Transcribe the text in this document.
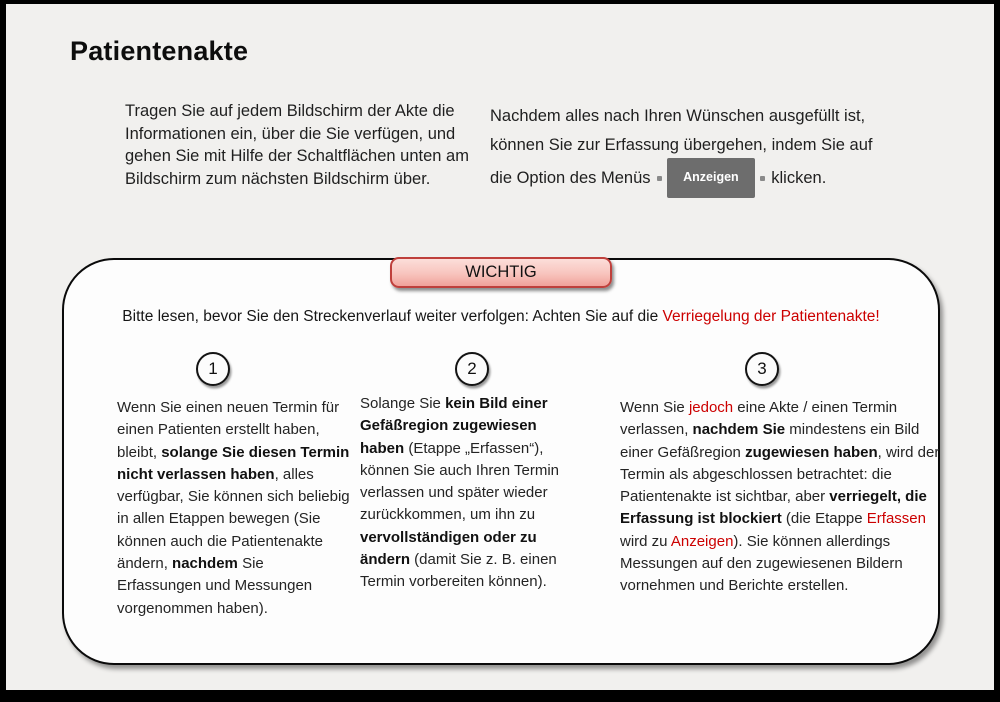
Patientenakte

Tragen Sie auf jedem Bildschirm der Akte die Informationen ein, über die Sie verfügen, und gehen Sie mit Hilfe der Schaltflächen unten am Bildschirm zum nächsten Bildschirm über.

Nachdem alles nach Ihren Wünschen ausgefüllt ist, können Sie zur Erfassung übergehen, indem Sie auf die Option des Menüs	Anzeigen klicken.

WICHTIG

Bitte lesen, bevor Sie den Streckenverlauf weiter verfolgen: Achten Sie auf die Verriegelung der Patientenakte!

1	2	3

Wenn Sie einen neuen Termin für einen Patienten erstellt haben, bleibt, solange Sie diesen Termin nicht verlassen haben, alles verfügbar, Sie können sich beliebig in allen Etappen bewegen (Sie können auch die Patientenakte ändern, nachdem Sie Erfassungen und Messungen vorgenommen haben).

Solange Sie kein Bild einer Gefäßregion zugewiesen haben (Etappe „Erfassen“), können Sie auch Ihren Termin verlassen und später wieder zurückkommen, um ihn zu vervollständigen oder zu ändern (damit Sie z. B. einen Termin vorbereiten können).

Wenn Sie jedoch eine Akte / einen Termin verlassen, nachdem Sie mindestens ein Bild einer Gefäßregion zugewiesen haben, wird der Termin als abgeschlossen betrachtet: die Patientenakte ist sichtbar, aber verriegelt, die Erfassung ist blockiert (die Etappe Erfassen wird zu Anzeigen). Sie können allerdings Messungen auf den zugewiesenen Bildern vornehmen und Berichte erstellen.
